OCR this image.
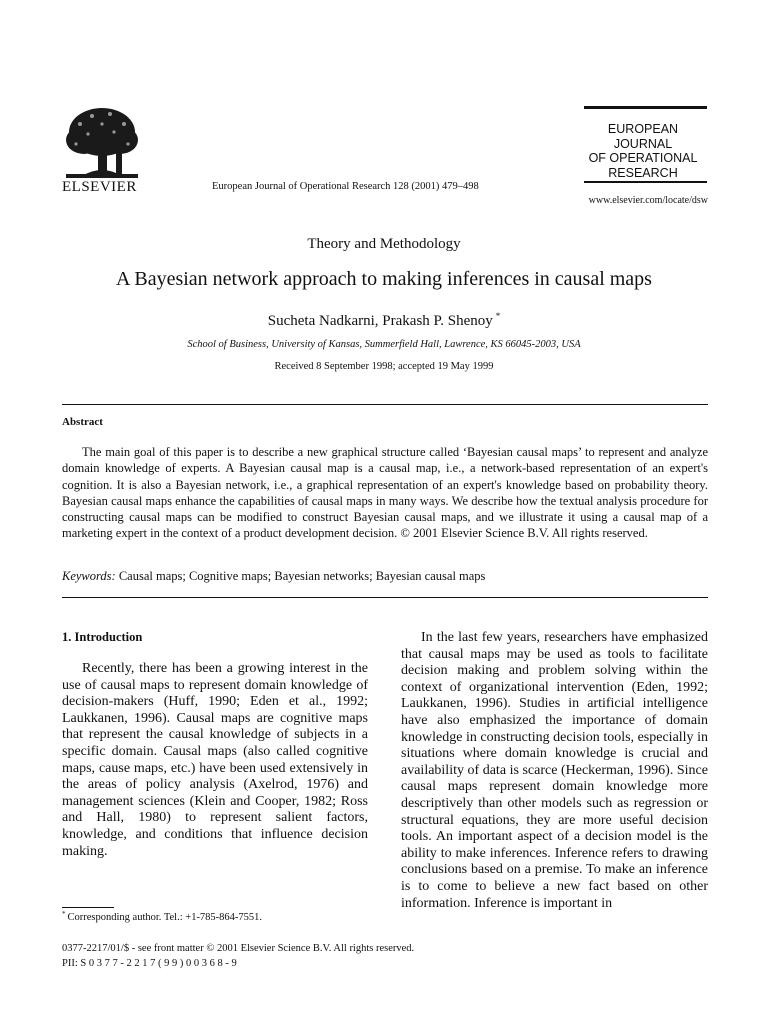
ELSEVIER	European Journal of Operational Research 128 (2001) 479–498
EUROPEAN
JOURNAL
OF OPERATIONAL
RESEARCH
www.elsevier.com/locate/dsw
Theory and Methodology
A Bayesian network approach to making inferences in causal maps
Sucheta Nadkarni, Prakash P. Shenoy *
School of Business, University of Kansas, Summerfield Hall, Lawrence, KS 66045-2003, USA
Received 8 September 1998; accepted 19 May 1999
Abstract
The main goal of this paper is to describe a new graphical structure called ‘Bayesian causal maps’ to represent and analyze domain knowledge of experts. A Bayesian causal map is a causal map, i.e., a network-based representation of an expert's cognition. It is also a Bayesian network, i.e., a graphical representation of an expert's knowledge based on probability theory. Bayesian causal maps enhance the capabilities of causal maps in many ways. We describe how the textual analysis procedure for constructing causal maps can be modified to construct Bayesian causal maps, and we illustrate it using a causal map of a marketing expert in the context of a product development decision. © 2001 Elsevier Science B.V. All rights reserved.
Keywords: Causal maps; Cognitive maps; Bayesian networks; Bayesian causal maps
1. Introduction
Recently, there has been a growing interest in the use of causal maps to represent domain knowledge of decision-makers (Huff, 1990; Eden et al., 1992; Laukkanen, 1996). Causal maps are cognitive maps that represent the causal knowledge of subjects in a specific domain. Causal maps (also called cognitive maps, cause maps, etc.) have been used extensively in the areas of policy analysis (Axelrod, 1976) and management sciences (Klein and Cooper, 1982; Ross and Hall, 1980) to represent salient factors, knowledge, and conditions that influence decision making.
In the last few years, researchers have emphasized that causal maps may be used as tools to facilitate decision making and problem solving within the context of organizational intervention (Eden, 1992; Laukkanen, 1996). Studies in artificial intelligence have also emphasized the importance of domain knowledge in constructing decision tools, especially in situations where domain knowledge is crucial and availability of data is scarce (Heckerman, 1996). Since causal maps represent domain knowledge more descriptively than other models such as regression or structural equations, they are more useful decision tools. An important aspect of a decision model is the ability to make inferences. Inference refers to drawing conclusions based on a premise. To make an inference is to come to believe a new fact based on other information. Inference is important in
* Corresponding author. Tel.: +1-785-864-7551.
0377-2217/01/$ - see front matter © 2001 Elsevier Science B.V. All rights reserved.
PII: S 0 3 7 7 - 2 2 1 7 ( 9 9 ) 0 0 3 6 8 - 9
